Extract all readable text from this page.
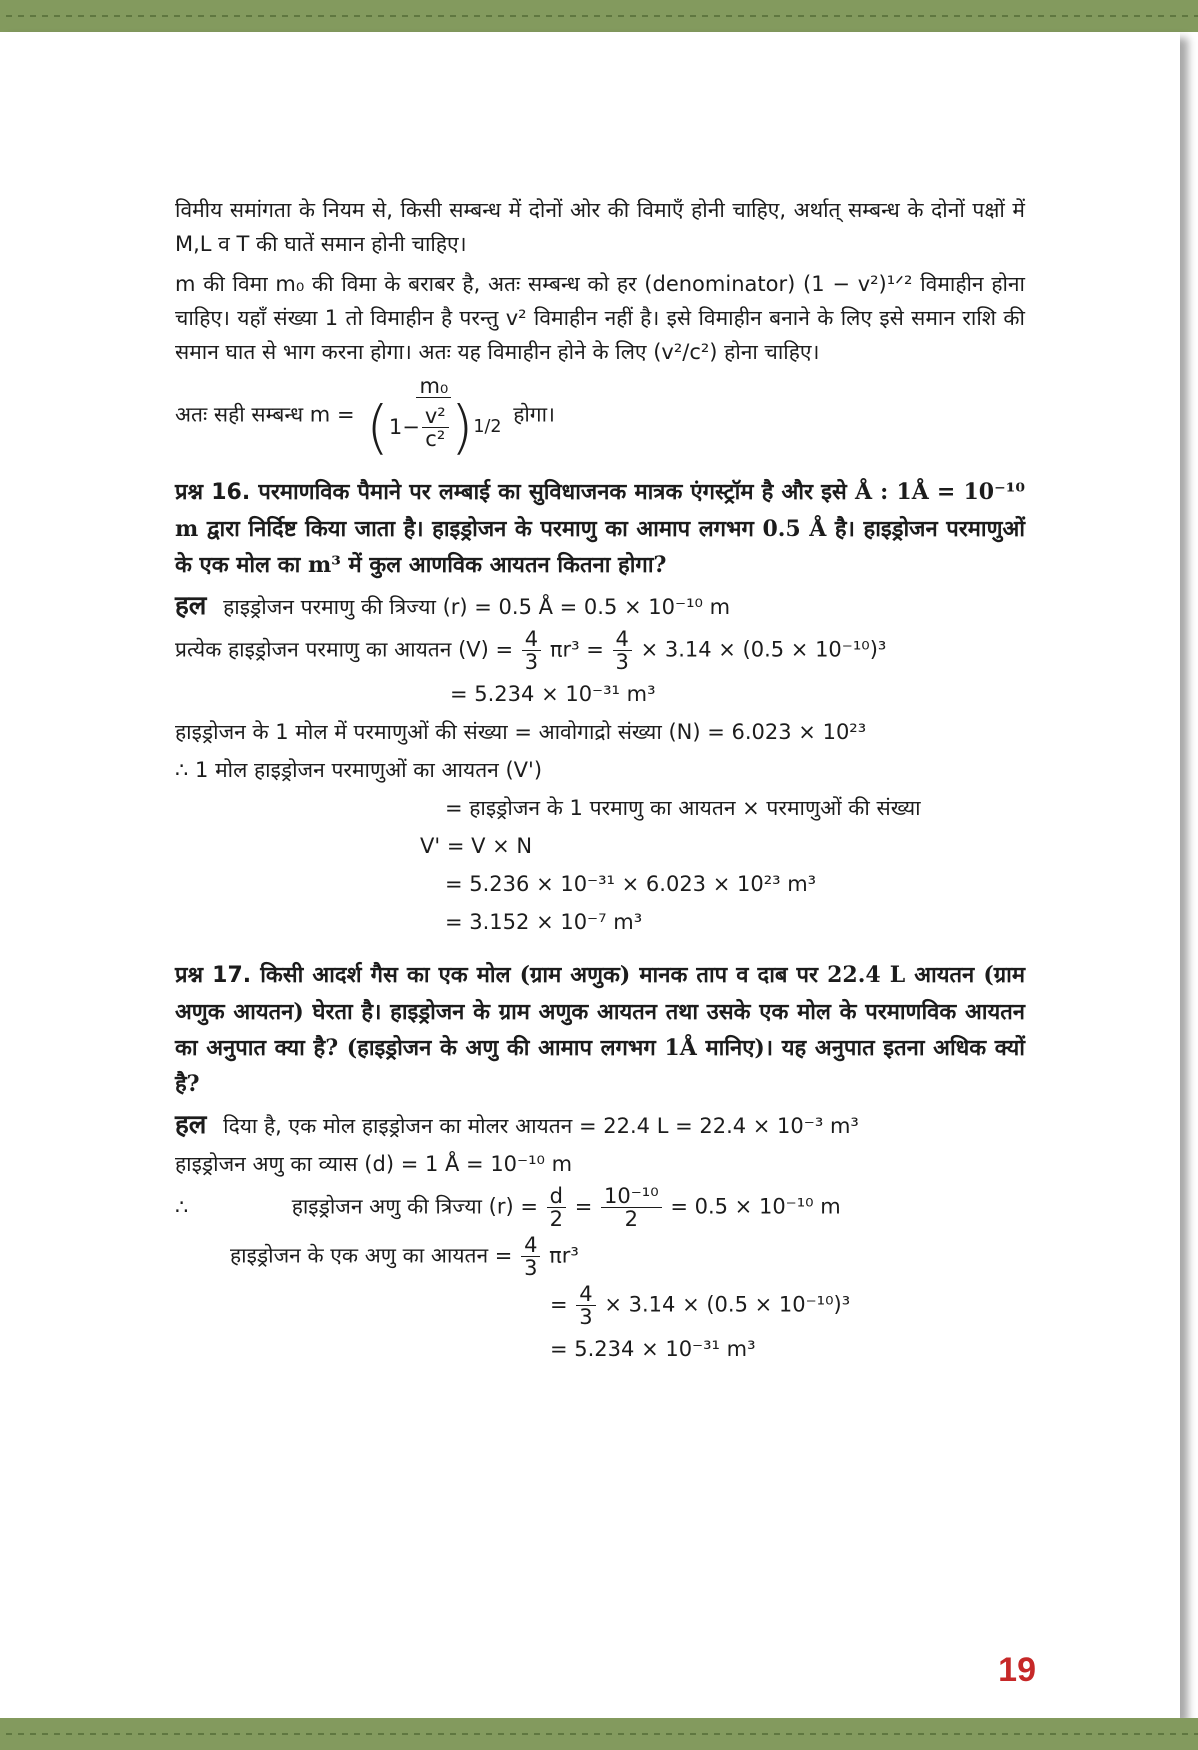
विमीय समांगता के नियम से, किसी सम्बन्ध में दोनों ओर की विमाएँ होनी चाहिए, अर्थात् सम्बन्ध के दोनों पक्षों में M,L व T की घातें समान होनी चाहिए।

m की विमा m₀ की विमा के बराबर है, अतः सम्बन्ध को हर (denominator) (1 − v²)¹ᐟ² विमाहीन होना चाहिए। यहाँ संख्या 1 तो विमाहीन है परन्तु v² विमाहीन नहीं है। इसे विमाहीन बनाने के लिए इसे समान राशि की समान घात से भाग करना होगा। अतः यह विमाहीन होने के लिए (v²/c²) होना चाहिए।

अतः सही सम्बन्ध m =
m₀
( $1- \frac{\text{v²}}{\text{c²}}$ ) 1/2
होगा।

प्रश्न 16. परमाणविक पैमाने पर लम्बाई का सुविधाजनक मात्रक एंगस्ट्रॉम है और इसे Å : 1Å = 10⁻¹⁰ m द्वारा निर्दिष्ट किया जाता है। हाइड्रोजन के परमाणु का आमाप लगभग 0.5 Å है। हाइड्रोजन परमाणुओं के एक मोल का m³ में कुल आणविक आयतन कितना होगा?

हल हाइड्रोजन परमाणु की त्रिज्या (r) = 0.5 Å = 0.5 × 10⁻¹⁰ m
प्रत्येक हाइड्रोजन परमाणु का आयतन $(V) = \frac{4}{3} \pi r^3 = \frac{4}{3} \times 3.14 \times (0.5 \times 10^{-10})^3$
= 5.234 × 10⁻³¹ m³
हाइड्रोजन के 1 मोल में परमाणुओं की संख्या = आवोगाद्रो संख्या (N) = 6.023 × 10²³
∴ 1 मोल हाइड्रोजन परमाणुओं का आयतन (V')
= हाइड्रोजन के 1 परमाणु का आयतन × परमाणुओं की संख्या
V' = V × N
= 5.236 × 10⁻³¹ × 6.023 × 10²³ m³
= 3.152 × 10⁻⁷ m³

प्रश्न 17. किसी आदर्श गैस का एक मोल (ग्राम अणुक) मानक ताप व दाब पर 22.4 L आयतन (ग्राम अणुक आयतन) घेरता है। हाइड्रोजन के ग्राम अणुक आयतन तथा उसके एक मोल के परमाणविक आयतन का अनुपात क्या है? (हाइड्रोजन के अणु की आमाप लगभग 1Å मानिए)। यह अनुपात इतना अधिक क्यों है?

हल दिया है, एक मोल हाइड्रोजन का मोलर आयतन = 22.4 L = 22.4 × 10⁻³ m³
हाइड्रोजन अणु का व्यास (d) = 1 Å = 10⁻¹⁰ m
∴	हाइड्रोजन अणु की त्रिज्या $(r) = \frac{d}{2} = \frac{\text{10⁻¹⁰}}{2} = 0.5 \times 10^{-10}$ m
हाइड्रोजन के एक अणु का आयतन = $\frac{4}{3} \pi r^3$
= $\frac{4}{3} \times 3.14 \times (0.5 \times 10^{-10})^3$
= 5.234 × 10⁻³¹ m³
19
